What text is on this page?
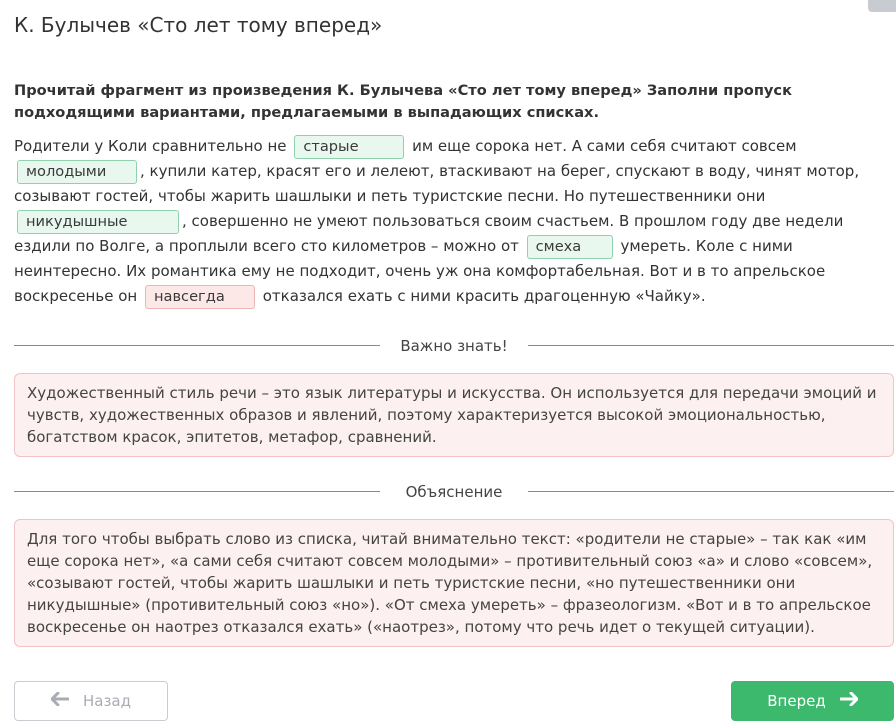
К. Булычев «Сто лет тому вперед»

Прочитай фрагмент из произведения К. Булычева «Сто лет тому вперед» Заполни пропуск подходящими вариантами, предлагаемыми в выпадающих списках.

Родители у Коли сравнительно не старые	им еще сорока нет. А сами себя считают совсем молодыми , купили катер, красят его и лелеют, втаскивают на берег, спускают в воду, чинят мотор, созывают гостей, чтобы жарить шашлыки и петь туристские песни. Но путешественники они никудышные	, совершенно не умеют пользоваться своим счастьем. В прошлом году две недели ездили по Волге, а проплыли всего сто километров – можно от смеха	умереть. Коле с ними неинтересно. Их романтика ему не подходит, очень уж она комфортабельная. Вот и в то апрельское воскресенье он навсегда	отказался ехать с ними красить драгоценную «Чайку».

Важно знать!
Художественный стиль речи – это язык литературы и искусства. Он используется для передачи эмоций и чувств, художественных образов и явлений, поэтому характеризуется высокой эмоциональностью, богатством красок, эпитетов, метафор, сравнений.
Объяснение
Для того чтобы выбрать слово из списка, читай внимательно текст: «родители не старые» – так как «им еще сорока нет», «а сами себя считают совсем молодыми» – противительный союз «а» и слово «совсем», «созывают гостей, чтобы жарить шашлыки и петь туристские песни, «но путешественники они никудышные» (противительный союз «но»). «От смеха умереть» – фразеологизм. «Вот и в то апрельское воскресенье он наотрез отказался ехать» («наотрез», потому что речь идет о текущей ситуации).
Назад	Вперед
